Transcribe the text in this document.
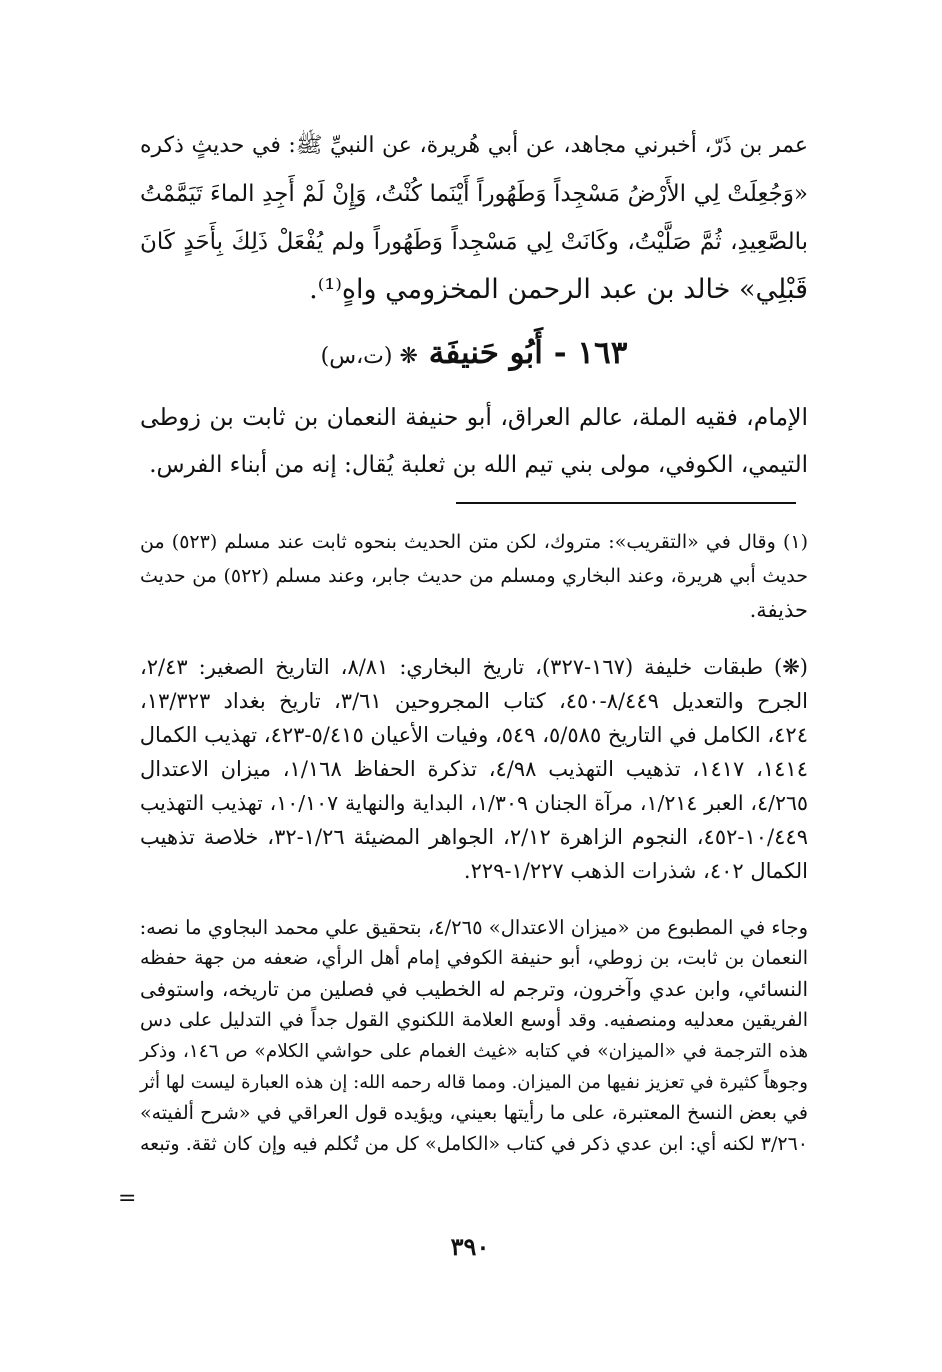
عمر بن ذَرّ، أخبرني مجاهد، عن أبي هُريرة، عن النبيِّ ﷺ: في حديثٍ ذكره
«وَجُعِلَتْ لِي الأَرْضُ مَسْجِداً وَطَهُوراً أَيْنَما كُنْتُ، وَإِنْ لَمْ أَجِدِ الماءَ تَيَمَّمْتُ
بالصَّعِيدِ، ثُمَّ صَلَّيْتُ، وكَانَتْ لِي مَسْجِداً وَطَهُوراً ولم يُفْعَلْ ذَلِكَ بِأَحَدٍ كَانَ
قَبْلِي» خالد بن عبد الرحمن المخزومي واهٍ⁽¹⁾.
١٦٣ - أَبُو حَنيفَة ❋ (ت،س)
الإمام، فقيه الملة، عالم العراق، أبو حنيفة النعمان بن ثابت بن زوطى
التيمي، الكوفي، مولى بني تيم الله بن ثعلبة يُقال: إنه من أبناء الفرس.
(١) وقال في «التقريب»: متروك، لكن متن الحديث بنحوه ثابت عند مسلم (٥٢٣) من
حديث أبي هريرة، وعند البخاري ومسلم من حديث جابر، وعند مسلم (٥٢٢) من حديث
حذيفة.
(❋) طبقات خليفة (١٦٧-٣٢٧)، تاريخ البخاري: ٨/٨١، التاريخ الصغير: ٢/٤٣،
الجرح والتعديل ٨/٤٤٩-٤٥٠، كتاب المجروحين ٣/٦١، تاريخ بغداد ١٣/٣٢٣،
٤٢٤، الكامل في التاريخ ٥/٥٨٥، ٥٤٩، وفيات الأعيان ٥/٤١٥-٤٢٣، تهذيب الكمال
١٤١٤، ١٤١٧، تذهيب التهذيب ٤/٩٨، تذكرة الحفاظ ١/١٦٨، ميزان الاعتدال
٤/٢٦٥، العبر ١/٢١٤، مرآة الجنان ١/٣٠٩، البداية والنهاية ١٠/١٠٧، تهذيب التهذيب
١٠/٤٤٩-٤٥٢، النجوم الزاهرة ٢/١٢، الجواهر المضيئة ١/٢٦-٣٢، خلاصة تذهيب
الكمال ٤٠٢، شذرات الذهب ١/٢٢٧-٢٢٩.
وجاء في المطبوع من «ميزان الاعتدال» ٤/٢٦٥، بتحقيق علي محمد البجاوي ما نصه:
النعمان بن ثابت، بن زوطي، أبو حنيفة الكوفي إمام أهل الرأي، ضعفه من جهة حفظه
النسائي، وابن عدي وآخرون، وترجم له الخطيب في فصلين من تاريخه، واستوفى
الفريقين معدليه ومنصفيه. وقد أوسع العلامة اللكنوي القول جداً في التدليل على دس
هذه الترجمة في «الميزان» في كتابه «غيث الغمام على حواشي الكلام» ص ١٤٦، وذكر
وجوهاً كثيرة في تعزيز نفيها من الميزان. ومما قاله رحمه الله: إن هذه العبارة ليست لها أثر
في بعض النسخ المعتبرة، على ما رأيتها بعيني، ويؤيده قول العراقي في «شرح ألفيته»
٣/٢٦٠ لكنه أي: ابن عدي ذكر في كتاب «الكامل» كل من تُكلم فيه وإن كان ثقة. وتبعه
=
٣٩٠
